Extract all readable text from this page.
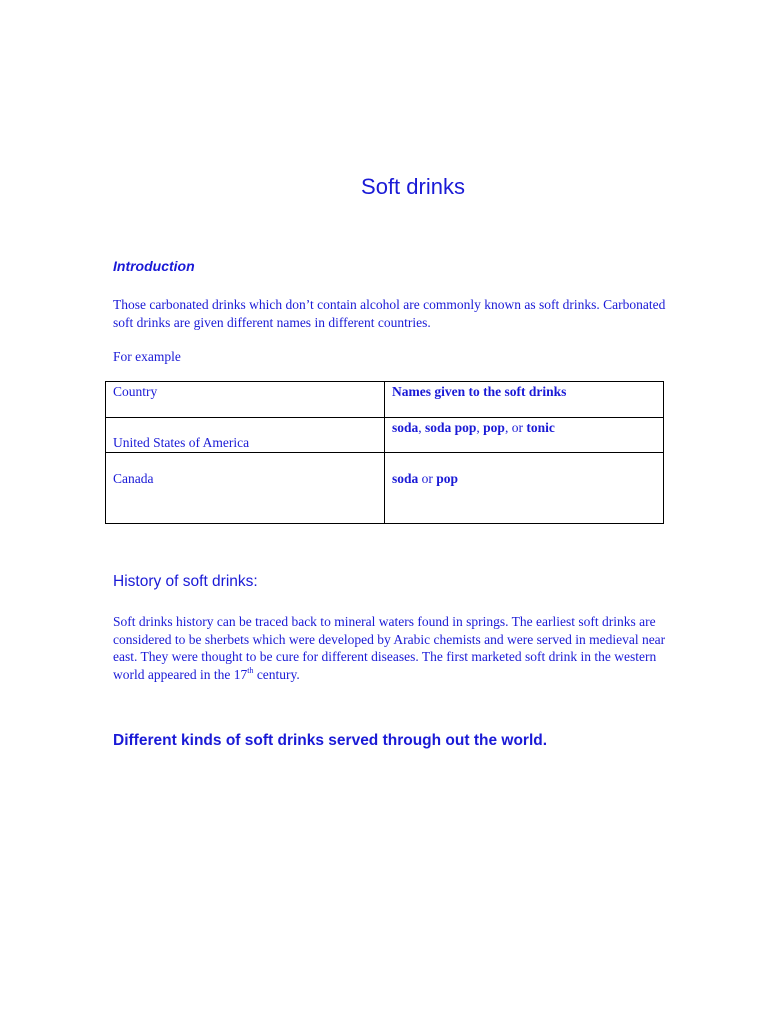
Soft drinks
Introduction

Those carbonated drinks which don’t contain alcohol are commonly known as soft drinks. Carbonated soft drinks are given different names in different countries.

For example

Country	Names given to the soft drinks

United States of America	soda, soda pop, pop, or tonic
Canada	soda or pop
History of soft drinks:

Soft drinks history can be traced back to mineral waters found in springs. The earliest soft drinks are considered to be sherbets which were developed by Arabic chemists and were served in medieval near east. They were thought to be cure for different diseases. The first marketed soft drink in the western world appeared in the 17th century.

Different kinds of soft drinks served through out the world.
